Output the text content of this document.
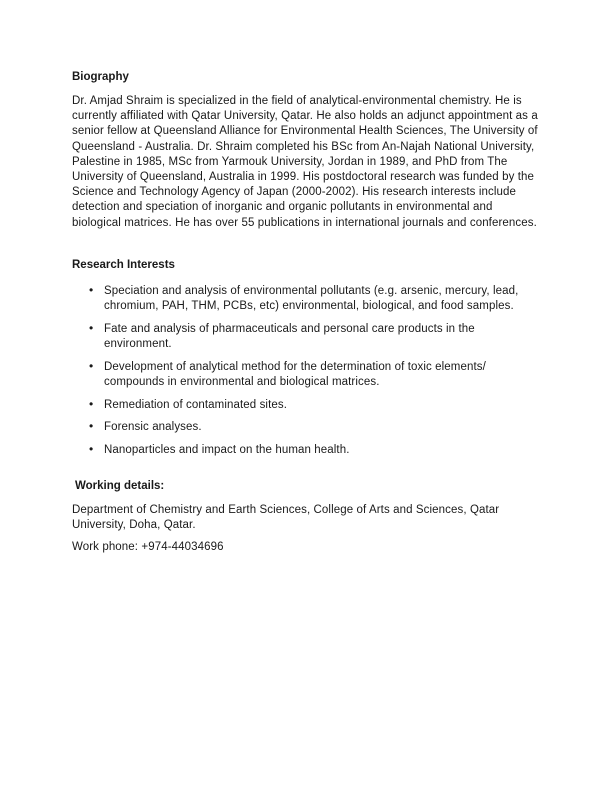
Biography

Dr. Amjad Shraim is specialized in the field of analytical-environmental chemistry. He is currently affiliated with Qatar University, Qatar. He also holds an adjunct appointment as a senior fellow at Queensland Alliance for Environmental Health Sciences, The University of Queensland - Australia. Dr. Shraim completed his BSc from An-Najah National University, Palestine in 1985, MSc from Yarmouk University, Jordan in 1989, and PhD from The University of Queensland, Australia in 1999. His postdoctoral research was funded by the Science and Technology Agency of Japan (2000-2002). His research interests include detection and speciation of inorganic and organic pollutants in environmental and biological matrices. He has over 55 publications in international journals and conferences.

Research Interests

• Speciation and analysis of environmental pollutants (e.g. arsenic, mercury, lead, chromium, PAH, THM, PCBs, etc) environmental, biological, and food samples.
• Fate and analysis of pharmaceuticals and personal care products in the environment.
• Development of analytical method for the determination of toxic elements/ compounds in environmental and biological matrices.
• Remediation of contaminated sites.
• Forensic analyses.
• Nanoparticles and impact on the human health.

Working details:

Department of Chemistry and Earth Sciences, College of Arts and Sciences, Qatar University, Doha, Qatar.

Work phone: +974-44034696
